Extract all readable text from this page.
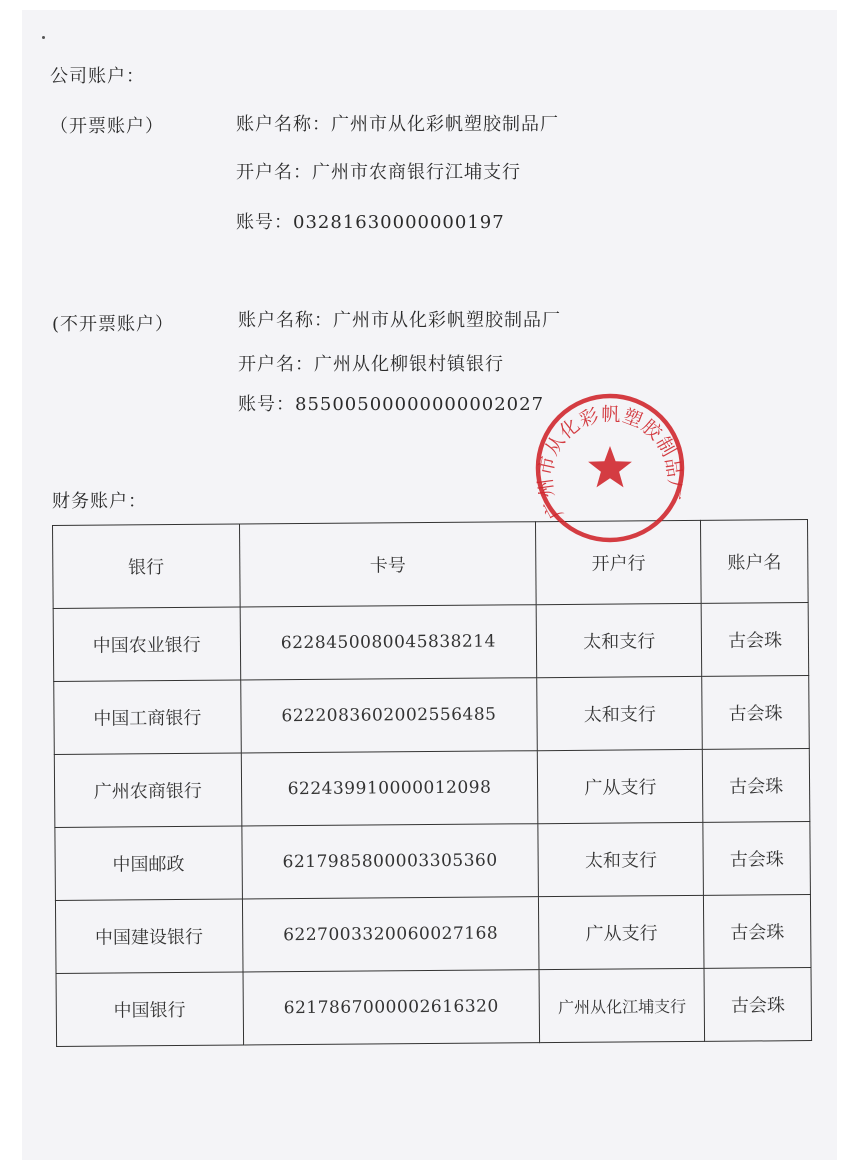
公司账户：
（开票账户）	账户名称：广州市从化彩帆塑胶制品厂
开户名：广州市农商银行江埔支行
账号：03281630000000197
(不开票账户）	账户名称：广州市从化彩帆塑胶制品厂
开户名：广州从化柳银村镇银行
账号：85500500000000002027
财务账户：
银行	卡号	开户行	账户名
中国农业银行	6228450080045838214	太和支行	古会珠
中国工商银行	6222083602002556485	太和支行	古会珠
广州农商银行	622439910000012098	广从支行	古会珠
中国邮政	6217985800003305360	太和支行	古会珠
中国建设银行	6227003320060027168	广从支行	古会珠
中国银行	6217867000002616320	广州从化江埔支行	古会珠
广州市从化彩帆塑胶制品厂
